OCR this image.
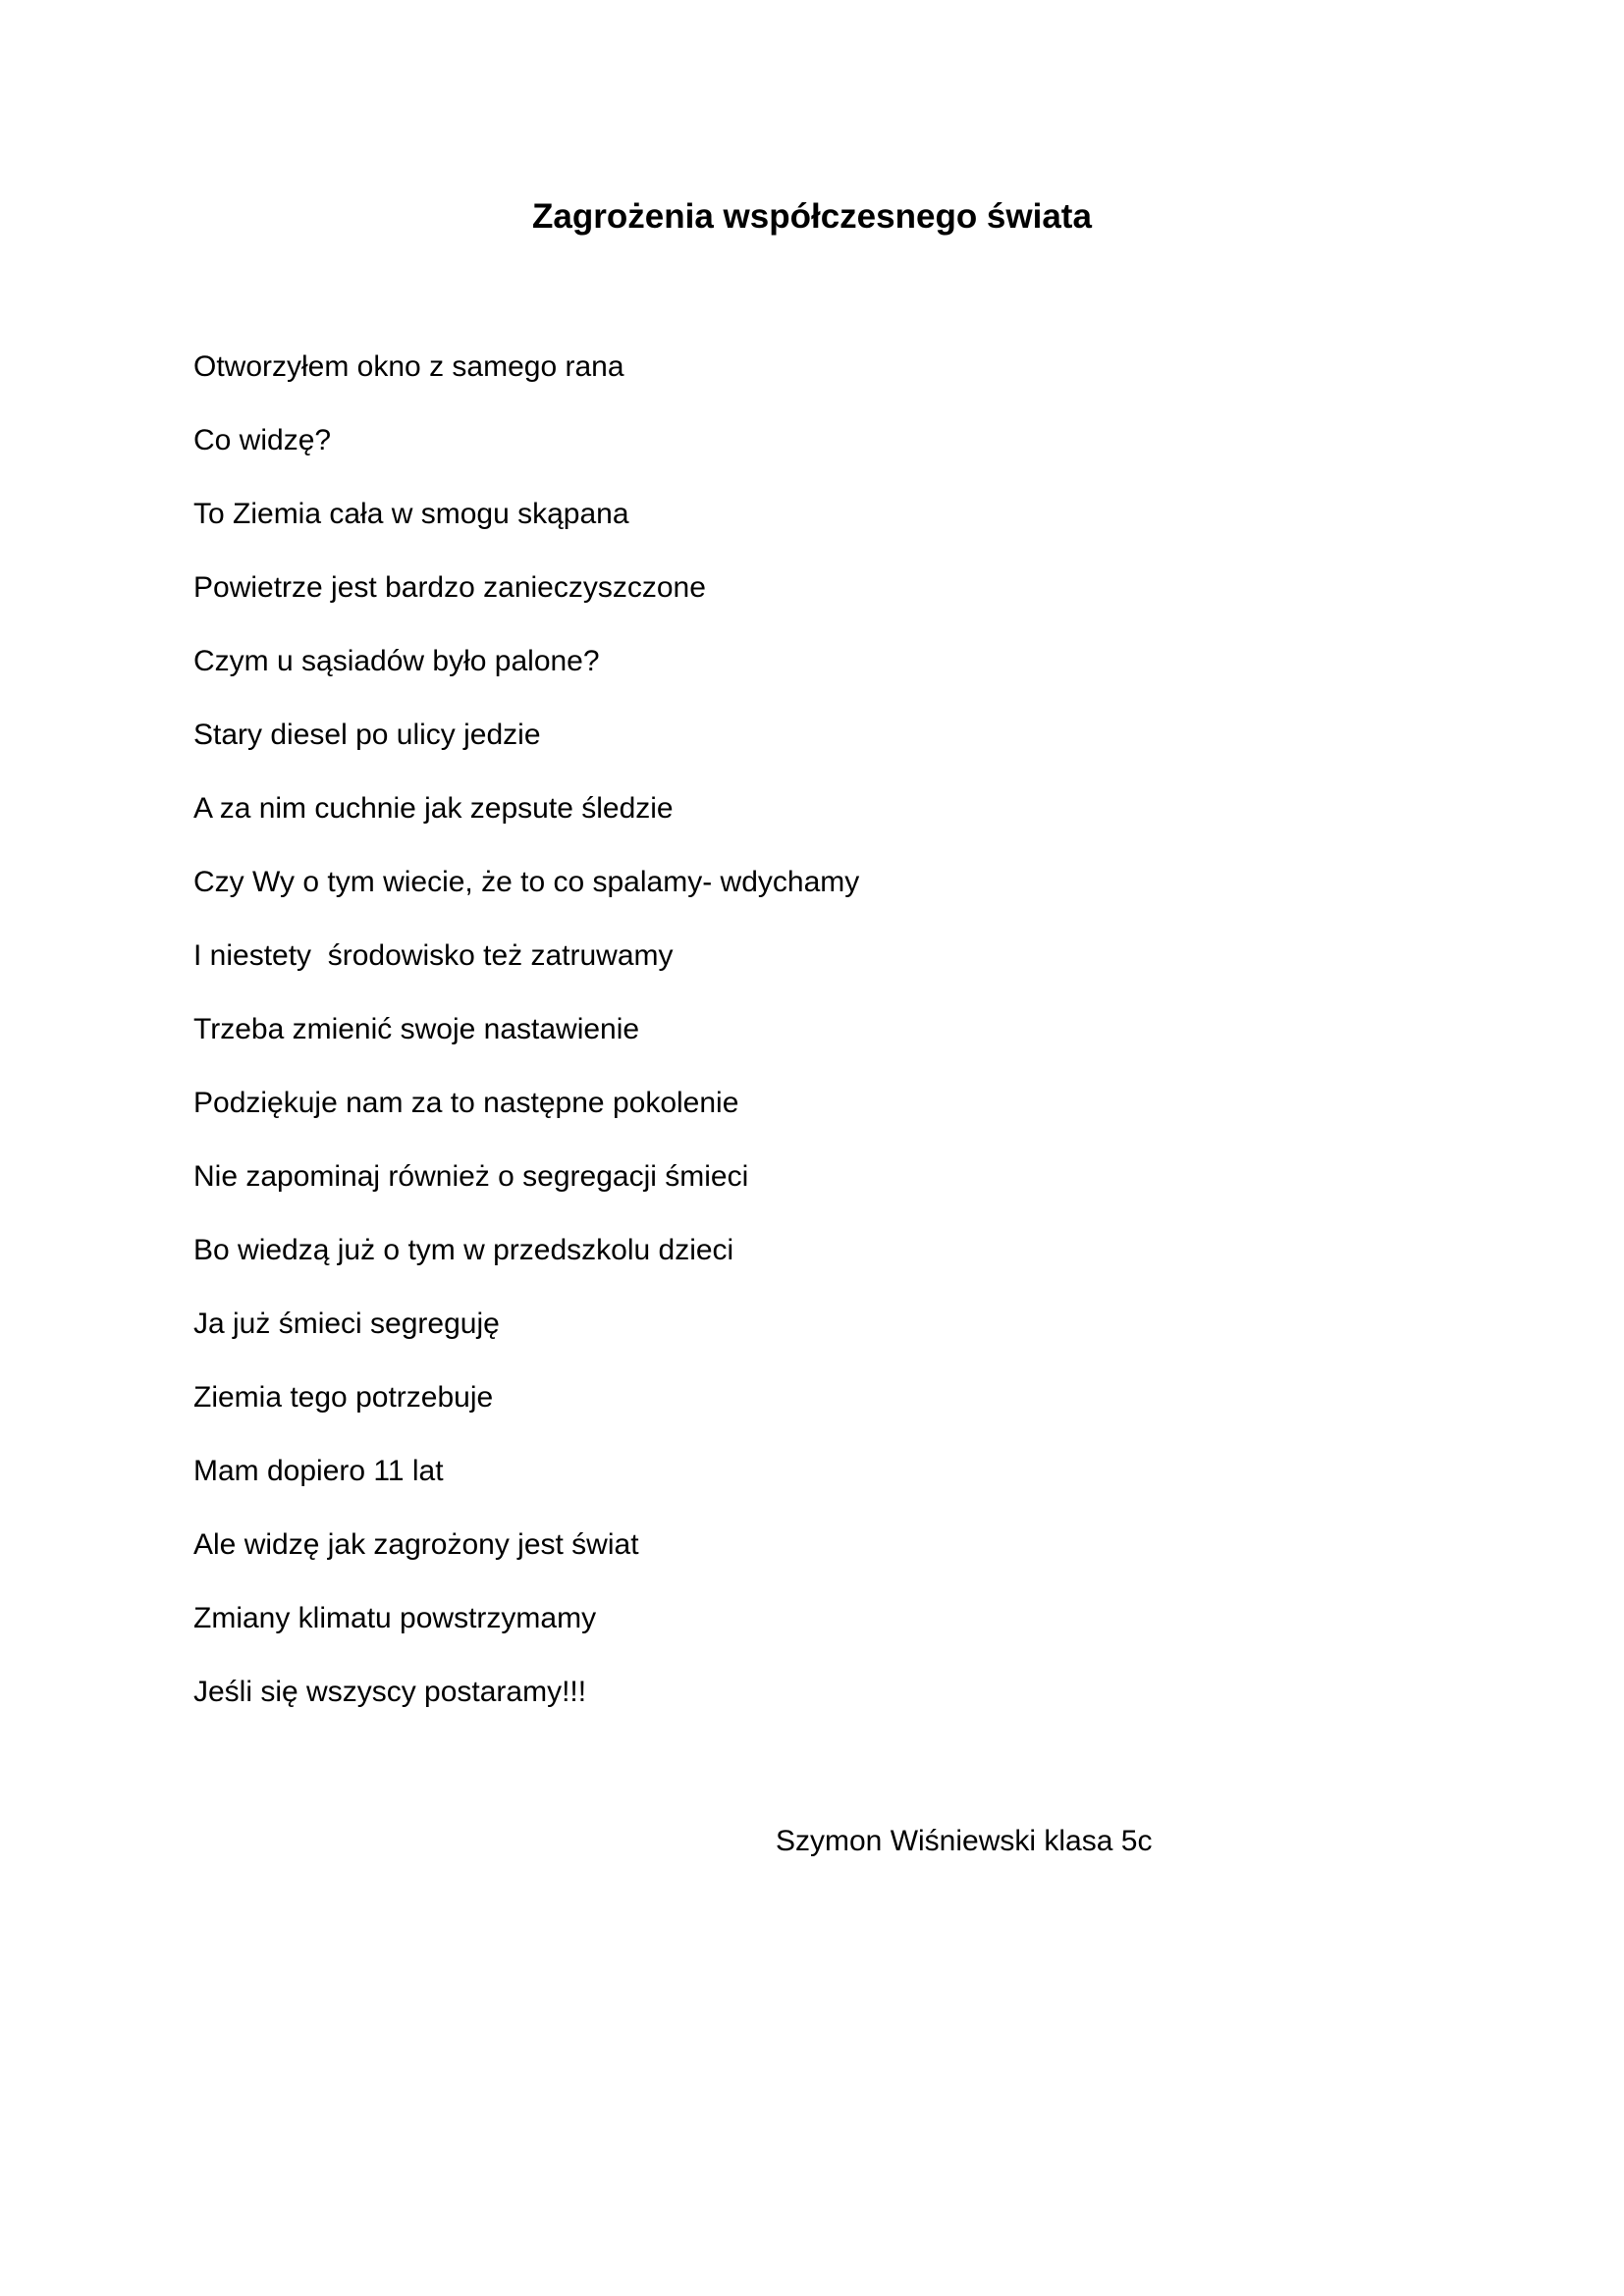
Zagrożenia współczesnego świata
Otworzyłem okno z samego rana
Co widzę?
To Ziemia cała w smogu skąpana
Powietrze jest bardzo zanieczyszczone
Czym u sąsiadów było palone?
Stary diesel po ulicy jedzie
A za nim cuchnie jak zepsute śledzie
Czy Wy o tym wiecie, że to co spalamy- wdychamy
I niestety  środowisko też zatruwamy
Trzeba zmienić swoje nastawienie
Podziękuje nam za to następne pokolenie
Nie zapominaj również o segregacji śmieci
Bo wiedzą już o tym w przedszkolu dzieci
Ja już śmieci segreguję
Ziemia tego potrzebuje
Mam dopiero 11 lat
Ale widzę jak zagrożony jest świat
Zmiany klimatu powstrzymamy
Jeśli się wszyscy postaramy!!!
Szymon Wiśniewski klasa 5c
